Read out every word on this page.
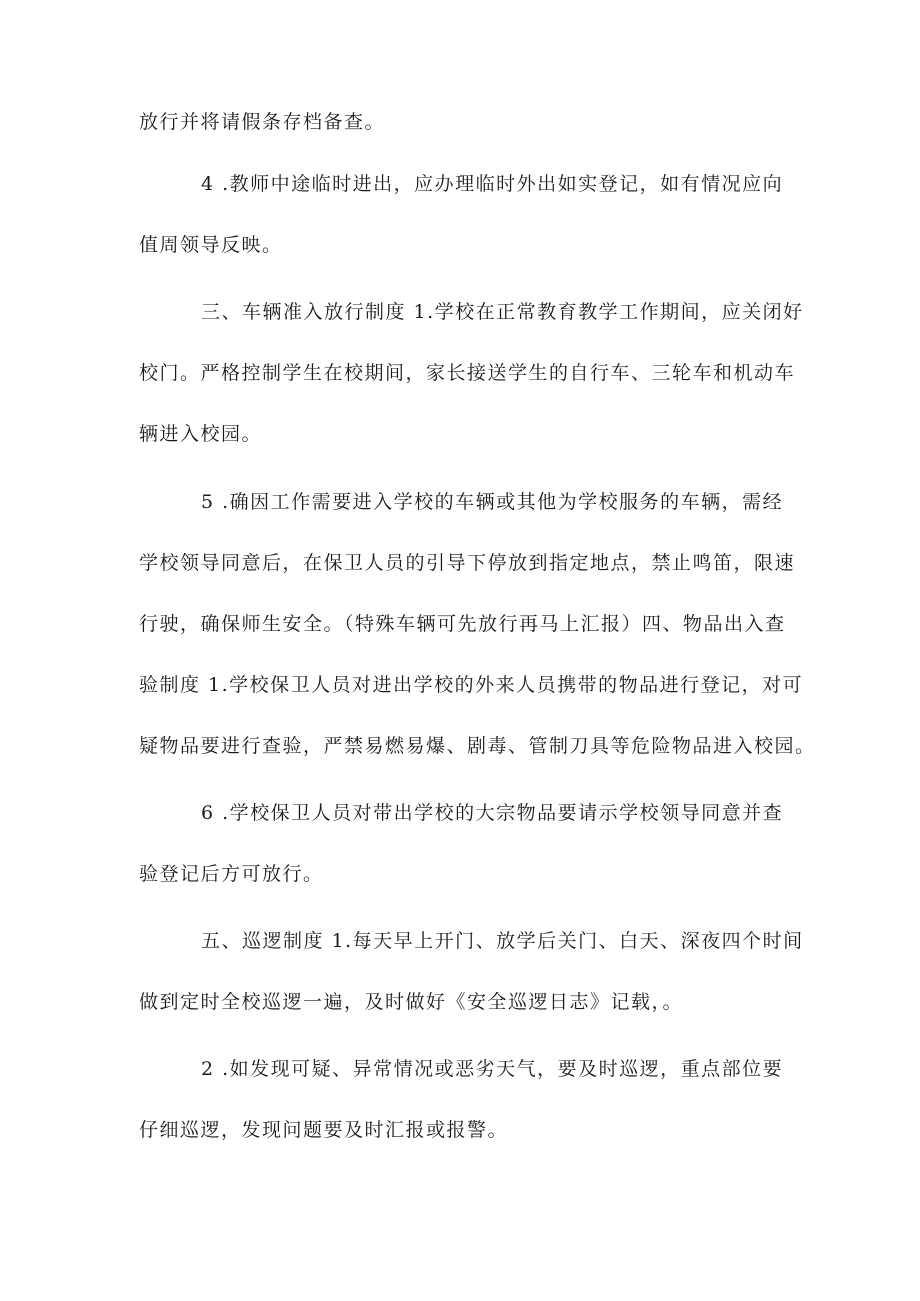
放行并将请假条存档备查。
4 .教师中途临时进出，应办理临时外出如实登记，如有情况应向
值周领导反映。
三、车辆准入放行制度 1.学校在正常教育教学工作期间，应关闭好
校门。严格控制学生在校期间，家长接送学生的自行车、三轮车和机动车
辆进入校园。
5 .确因工作需要进入学校的车辆或其他为学校服务的车辆，需经
学校领导同意后，在保卫人员的引导下停放到指定地点，禁止鸣笛，限速
行驶，确保师生安全。（特殊车辆可先放行再马上汇报）四、物品出入查
验制度 1.学校保卫人员对进出学校的外来人员携带的物品进行登记，对可
疑物品要进行查验，严禁易燃易爆、剧毒、管制刀具等危险物品进入校园。
6 .学校保卫人员对带出学校的大宗物品要请示学校领导同意并查
验登记后方可放行。
五、巡逻制度 1.每天早上开门、放学后关门、白天、深夜四个时间
做到定时全校巡逻一遍，及时做好《安全巡逻日志》记载，。
2 .如发现可疑、异常情况或恶劣天气，要及时巡逻，重点部位要
仔细巡逻，发现问题要及时汇报或报警。
